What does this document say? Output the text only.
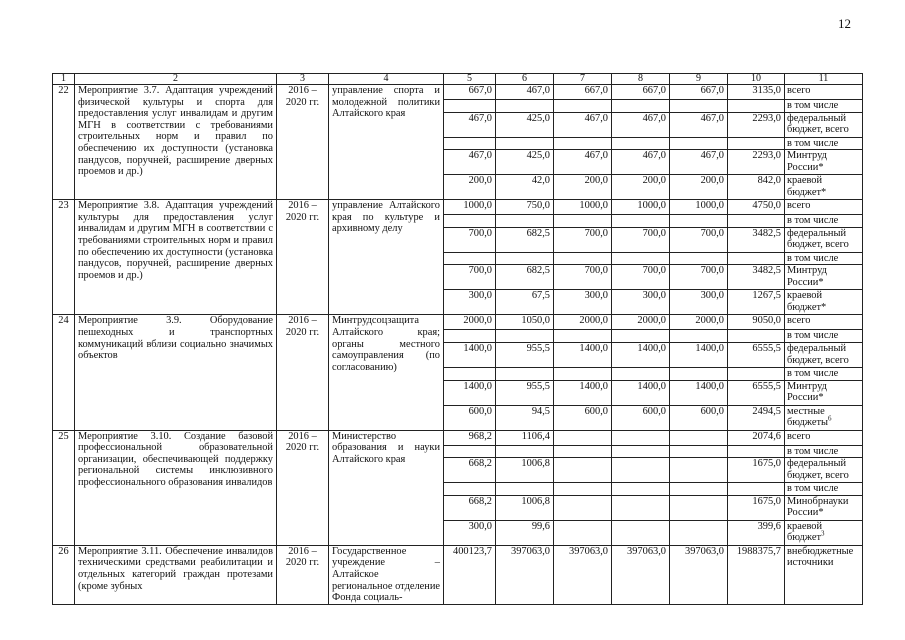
12
1	2	3	4	5	6	7	8	9	10	11
22	Мероприятие 3.7. Адаптация учреждений физической культуры и спорта для предоставления услуг инвалидам и другим МГН в соответствии с требованиями строительных норм и правил по обеспечению их доступности (установка пандусов, поручней, расширение дверных проемов и др.)	2016 – 2020 гг.	управление спорта и молодежной политики Алтайского края	667,0	467,0	667,0	667,0	667,0	3135,0	всего
										в том числе
				467,0	425,0	467,0	467,0	467,0	2293,0	федеральный бюджет, всего
										в том числе
				467,0	425,0	467,0	467,0	467,0	2293,0	Минтруд России*
				200,0	42,0	200,0	200,0	200,0	842,0	краевой бюджет*
23	Мероприятие 3.8. Адаптация учреждений культуры для предоставления услуг инвалидам и другим МГН в соответствии с требованиями строительных норм и правил по обеспечению их доступности (установка пандусов, поручней, расширение дверных проемов и др.)	2016 – 2020 гг.	управление Алтайского края по культуре и архивному делу	1000,0	750,0	1000,0	1000,0	1000,0	4750,0	всего
										в том числе
				700,0	682,5	700,0	700,0	700,0	3482,5	федеральный бюджет, всего
										в том числе
				700,0	682,5	700,0	700,0	700,0	3482,5	Минтруд России*
				300,0	67,5	300,0	300,0	300,0	1267,5	краевой бюджет*
24	Мероприятие 3.9. Оборудование пешеходных и транспортных коммуникаций вблизи социально значимых объектов	2016 – 2020 гг.	Минтрудсоцзащита Алтайского края; органы местного самоуправления (по согласованию)	2000,0	1050,0	2000,0	2000,0	2000,0	9050,0	всего
										в том числе
				1400,0	955,5	1400,0	1400,0	1400,0	6555,5	федеральный бюджет, всего
										в том числе
				1400,0	955,5	1400,0	1400,0	1400,0	6555,5	Минтруд России*
				600,0	94,5	600,0	600,0	600,0	2494,5	местные бюджеты$^6$
25	Мероприятие 3.10. Создание базовой профессиональной образовательной организации, обеспечивающей поддержку региональной системы инклюзивного профессионального образования инвалидов	2016 – 2020 гг.	Министерство образования и науки Алтайского края	968,2	1106,4				2074,6	всего
										в том числе
				668,2	1006,8				1675,0	федеральный бюджет, всего
										в том числе
				668,2	1006,8				1675,0	Минобрнауки России*
				300,0	99,6				399,6	краевой бюджет$^3$
26	Мероприятие 3.11. Обеспечение инвалидов техническими средствами реабилитации и отдельных категорий граждан протезами (кроме зубных	2016 – 2020 гг.	Государственное учреждение – Алтайское региональное отделение Фонда социаль-	400123,7	397063,0	397063,0	397063,0	397063,0	1988375,7	внебюджетные источники
